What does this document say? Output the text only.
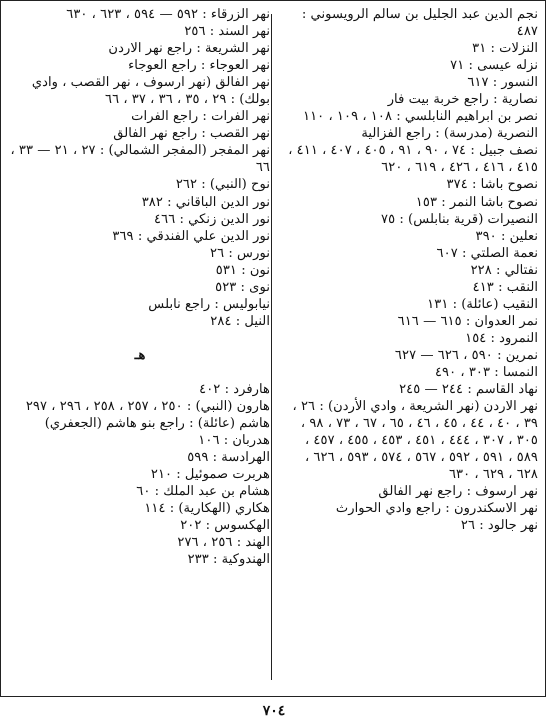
نجم الدين عبد الجليل بن سالم الرويسوني : ٤٨٧
النزلات : ٣١
نزله عيسى : ٧١
النسور : ٦١٧
نصارية : راجع خربة بيت فار
نصر بن ابراهيم النابلسي : ١٠٨ ، ١٠٩ ، ١١٠
النصرية (مدرسة) : راجع الفزالية
نصف جبيل : ٧٤ ، ٩٠ ، ٩١ ، ٤٠٥ ، ٤٠٧ ، ٤١١ ، ٤١٥ ، ٤١٦ ، ٤٢٦ ، ٦١٩ ، ٦٢٠
نصوح باشا : ٣٧٤
نصوح باشا النمر : ١٥٣
النصيرات (قرية بنابلس) : ٧٥
نعلين : ٣٩٠
نعمة الصلتي : ٦٠٧
نفتالي : ٢٢٨
النقب : ٤١٣
النقيب (عائلة) : ١٣١
نمر العدوان : ٦١٥ — ٦١٦
النمرود : ١٥٤
نمرين : ٥٩٠ ، ٦٢٦ — ٦٢٧
النمسا : ٣٠٣ ، ٤٩٠
نهاد القاسم : ٢٤٤ — ٢٤٥
نهر الاردن (نهر الشريعة ، وادي الأردن) : ٢٦ ، ٣٩ ، ٤٠ ، ٤٤ ، ٤٥ ، ٤٦ ، ٦٥ ، ٦٧ ، ٧٣ ، ٩٨ ، ٣٠٥ ، ٣٠٧ ، ٤٤٤ ، ٤٥١ ، ٤٥٣ ، ٤٥٥ ، ٤٥٧ ، ٥٨٩ ، ٥٩١ ، ٥٩٢ ، ٥٦٧ ، ٥٧٤ ، ٥٩٣ ، ٦٢٦ ، ٦٢٨ ، ٦٢٩ ، ٦٣٠
نهر ارسوف : راجع نهر الفالق
نهر الاسكندرون : راجع وادي الحوارث
نهر جالود : ٢٦
نهر الزرقاء : ٥٩٢ — ٥٩٤ ، ٦٢٣ ، ٦٣٠
نهر السند : ٢٥٦
نهر الشريعة : راجع نهر الاردن
نهر العوجاء : راجع العوجاء
نهر الفالق (نهر ارسوف ، نهر القصب ، وادي بولك) : ٢٩ ، ٣٥ ، ٣٦ ، ٣٧ ، ٦٦
نهر الفرات : راجع الفرات
نهر القصب : راجع نهر الفالق
نهر المفجر (المفجر الشمالي) : ٢٧ ، ٢١ — ٣٣ ، ٦٦
نوح (النبي) : ٢٦٢
نور الدين الباقاني : ٣٨٢
نور الدين زنكي : ٤٦٦
نور الدين علي الفندقي : ٣٦٩
نورس : ٢٦
نون : ٥٣١
نوى : ٥٢٣
نيابوليس : راجع نابلس
النيل : ٢٨٤
هـ
هارفرد : ٤٠٢
هارون (النبي) : ٢٥٠ ، ٢٥٧ ، ٢٥٨ ، ٢٩٦ ، ٢٩٧
هاشم (عائلة) : راجع بنو هاشم (الجعفري)
هدربان : ١٠٦
الهرادسة : ٥٩٩
هربرت صموئيل : ٢١٠
هشام بن عبد الملك : ٦٠
هكاري (الهكارية) : ١١٤
الهكسوس : ٢٠٢
الهند : ٢٥٦ ، ٢٧٦
الهندوكية : ٢٣٣
٧٠٤
